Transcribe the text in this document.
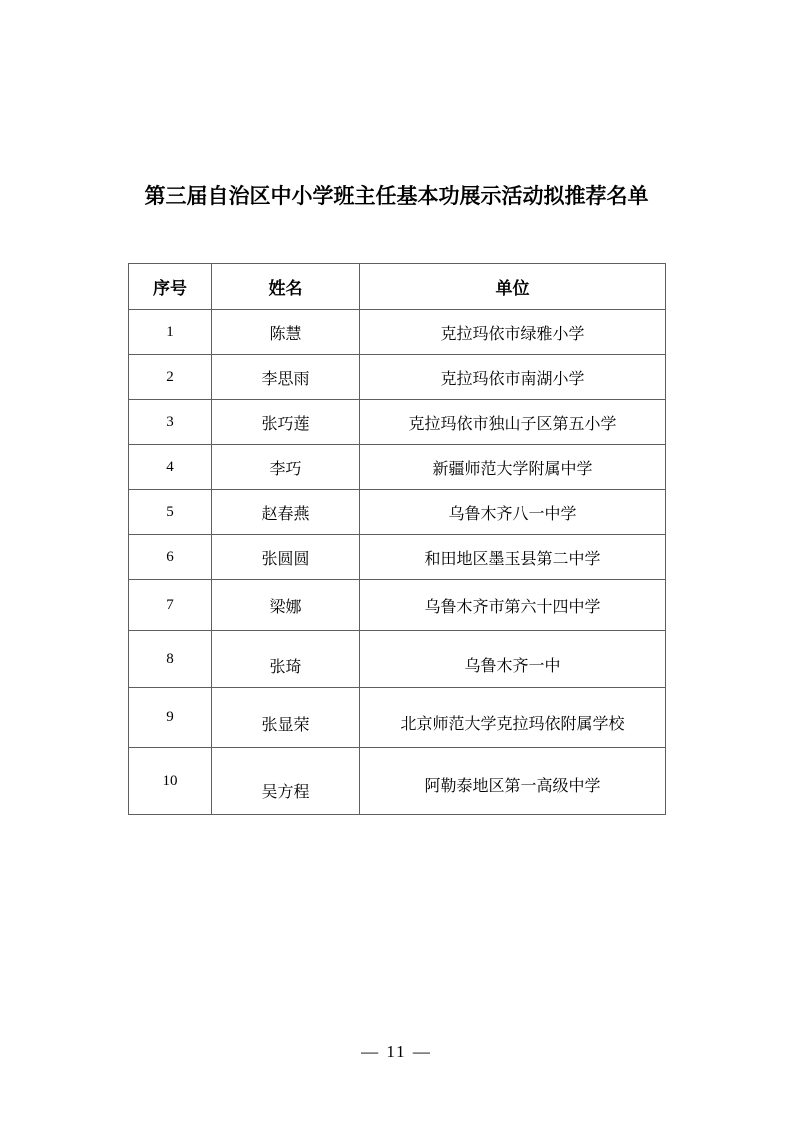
第三届自治区中小学班主任基本功展示活动拟推荐名单
序号	姓名	单位
1	陈慧	克拉玛依市绿雅小学
2	李思雨	克拉玛依市南湖小学
3	张巧莲	克拉玛依市独山子区第五小学
4	李巧	新疆师范大学附属中学
5	赵春燕	乌鲁木齐八一中学
6	张圆圆	和田地区墨玉县第二中学
7	梁娜	乌鲁木齐市第六十四中学
8	张琦	乌鲁木齐一中
9	张显荣	北京师范大学克拉玛依附属学校
10	吴方程	阿勒泰地区第一高级中学
— 11 —
